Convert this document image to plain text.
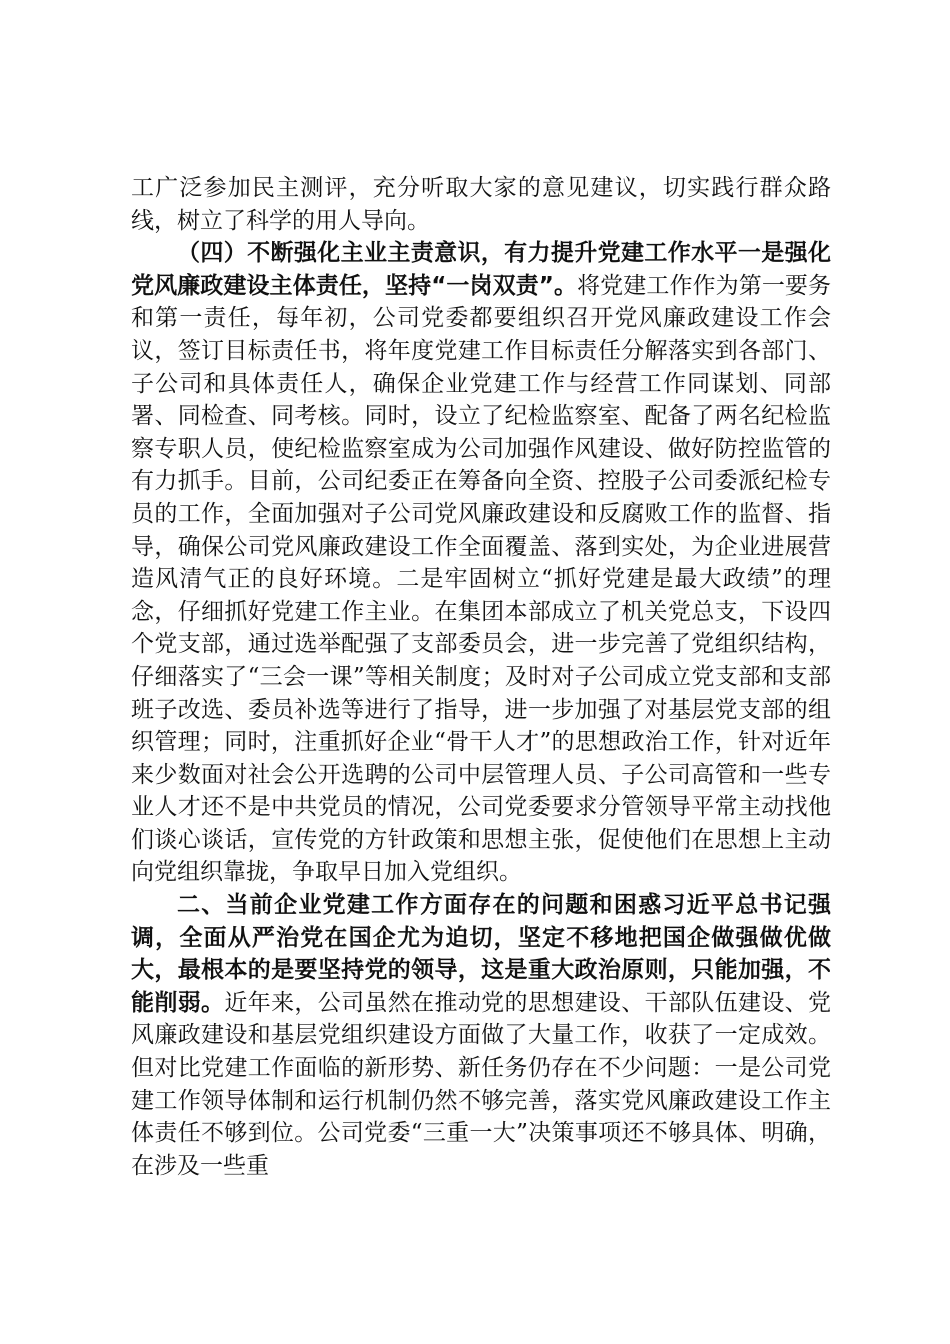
工广泛参加民主测评，充分听取大家的意见建议，切实践行群众路线，树立了科学的用人导向。

（四）不断强化主业主责意识，有力提升党建工作水平一是强化党风廉政建设主体责任，坚持“一岗双责”。将党建工作作为第一要务和第一责任，每年初，公司党委都要组织召开党风廉政建设工作会议，签订目标责任书，将年度党建工作目标责任分解落实到各部门、子公司和具体责任人，确保企业党建工作与经营工作同谋划、同部署、同检查、同考核。同时，设立了纪检监察室、配备了两名纪检监察专职人员，使纪检监察室成为公司加强作风建设、做好防控监管的有力抓手。目前，公司纪委正在筹备向全资、控股子公司委派纪检专员的工作，全面加强对子公司党风廉政建设和反腐败工作的监督、指导，确保公司党风廉政建设工作全面覆盖、落到实处，为企业进展营造风清气正的良好环境。二是牢固树立“抓好党建是最大政绩”的理念，仔细抓好党建工作主业。在集团本部成立了机关党总支，下设四个党支部，通过选举配强了支部委员会，进一步完善了党组织结构，仔细落实了“三会一课”等相关制度；及时对子公司成立党支部和支部班子改选、委员补选等进行了指导，进一步加强了对基层党支部的组织管理；同时，注重抓好企业“骨干人才”的思想政治工作，针对近年来少数面对社会公开选聘的公司中层管理人员、子公司高管和一些专业人才还不是中共党员的情况，公司党委要求分管领导平常主动找他们谈心谈话，宣传党的方针政策和思想主张，促使他们在思想上主动向党组织靠拢，争取早日加入党组织。

二、当前企业党建工作方面存在的问题和困惑习近平总书记强调，全面从严治党在国企尤为迫切，坚定不移地把国企做强做优做大，最根本的是要坚持党的领导，这是重大政治原则，只能加强，不能削弱。近年来，公司虽然在推动党的思想建设、干部队伍建设、党风廉政建设和基层党组织建设方面做了大量工作，收获了一定成效。但对比党建工作面临的新形势、新任务仍存在不少问题：一是公司党建工作领导体制和运行机制仍然不够完善，落实党风廉政建设工作主体责任不够到位。公司党委“三重一大”决策事项还不够具体、明确，在涉及一些重
